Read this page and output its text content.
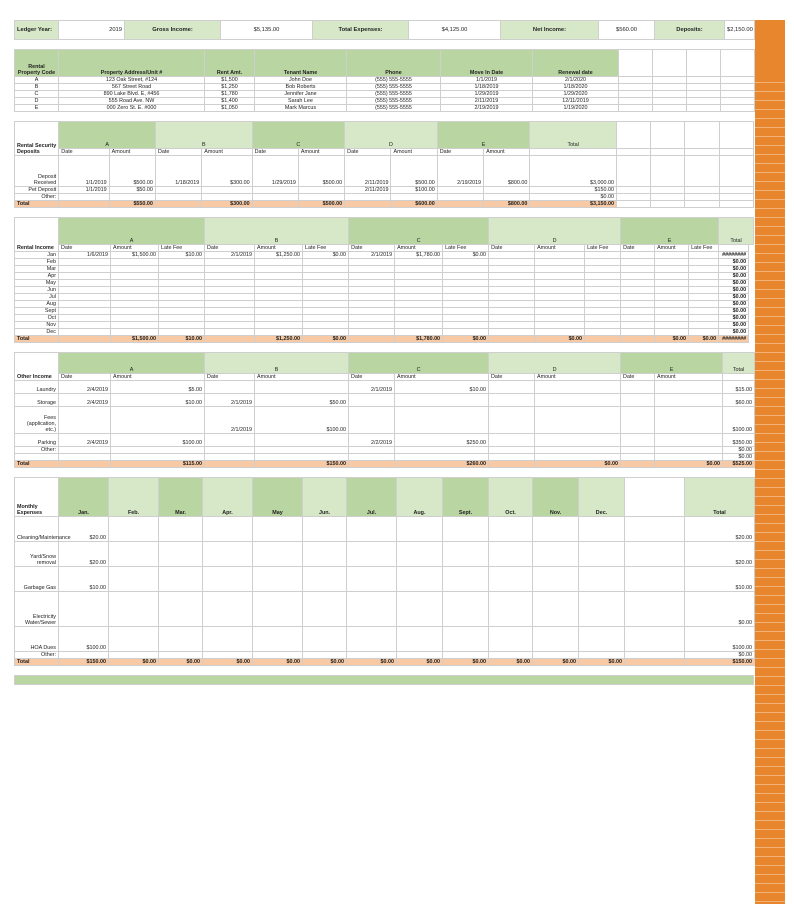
Ledger Year:	2019	Gross Income:	$5,135.00	Total Expenses:	$4,125.00	Net Income:	$560.00	Deposits:	$2,150.00
Rental Property Code	Property Address/Unit #	Rent Amt.	Tenant Name	Phone	Move In Date	Renewal date				
A	123 Oak Street, #124	$1,500	John Doe	(555) 555-5555	1/1/2019	2/1/2020				
B	567 Street Road	$1,250	Bob Roberts	(555) 555-5555	1/18/2019	1/18/2020				
C	890 Lake Blvd. E, #456	$1,780	Jennifer Jane	(555) 555-5555	1/29/2019	1/29/2020				
D	555 Road Ave. NW	$1,400	Sarah Lee	(555) 555-5555	2/11/2019	12/11/2019				
E	000 Zero St. E. #000	$1,050	Mark Marcus	(555) 555-5555	2/19/2019	1/19/2020				
Rental Security Deposits	A		B		C		D		E		Total				
	Date	Amount	Date	Amount	Date	Amount	Date	Amount	Date	Amount					
Deposit Received	1/1/2019	$500.00	1/18/2019	$300.00	1/29/2019	$500.00	2/11/2019	$500.00	2/19/2019	$800.00	$3,000.00				
Pet Deposit	1/1/2019	$50.00					2/11/2019	$100.00			$150.00				
Other:											$0.00				
Total		$550.00		$300.00		$500.00		$600.00		$800.00	$3,150.00				
Rental Income	A			B			C			D			E			Total
	Date	Amount	Late Fee	Date	Amount	Late Fee	Date	Amount	Late Fee	Date	Amount	Late Fee	Date	Amount	Late Fee	
Jan	1/6/2019	$1,500.00	$10.00	2/1/2019	$1,250.00	$0.00	2/1/2019	$1,780.00	$0.00							########
Feb																$0.00
Mar																$0.00
Apr																$0.00
May																$0.00
Jun																$0.00
Jul																$0.00
Aug																$0.00
Sept																$0.00
Oct																$0.00
Nov																$0.00
Dec																$0.00
Total		$1,500.00	$10.00		$1,250.00	$0.00		$1,780.00	$0.00		$0.00			$0.00	$0.00	########
Other Income	A		B		C		D		E		Total
	Date	Amount	Date	Amount	Date	Amount	Date	Amount	Date	Amount	
Laundry	2/4/2019	$5.00			2/1/2019	$10.00					$15.00
Storage	2/4/2019	$10.00	2/1/2019	$50.00							$60.00
Fees (application, etc.)			2/1/2019	$100.00							$100.00
Parking	2/4/2019	$100.00			2/2/2019	$250.00					$350.00
Other:											$0.00
											$0.00
Total		$115.00		$150.00		$260.00		$0.00		$0.00	$525.00
Monthly Expenses	Jan.	Feb.	Mar.	Apr.	May	Jun.	Jul.	Aug.	Sept.	Oct.	Nov.	Dec.		Total
Cleaning/Maintenance	$20.00													$20.00
Yard/Snow removal	$20.00													$20.00
Garbage Gas	$10.00													$10.00
Electricity Water/Sewer														$0.00
HOA Dues	$100.00													$100.00
Other:														$0.00
Total	$150.00	$0.00	$0.00	$0.00	$0.00	$0.00	$0.00	$0.00	$0.00	$0.00	$0.00	$0.00		$150.00
